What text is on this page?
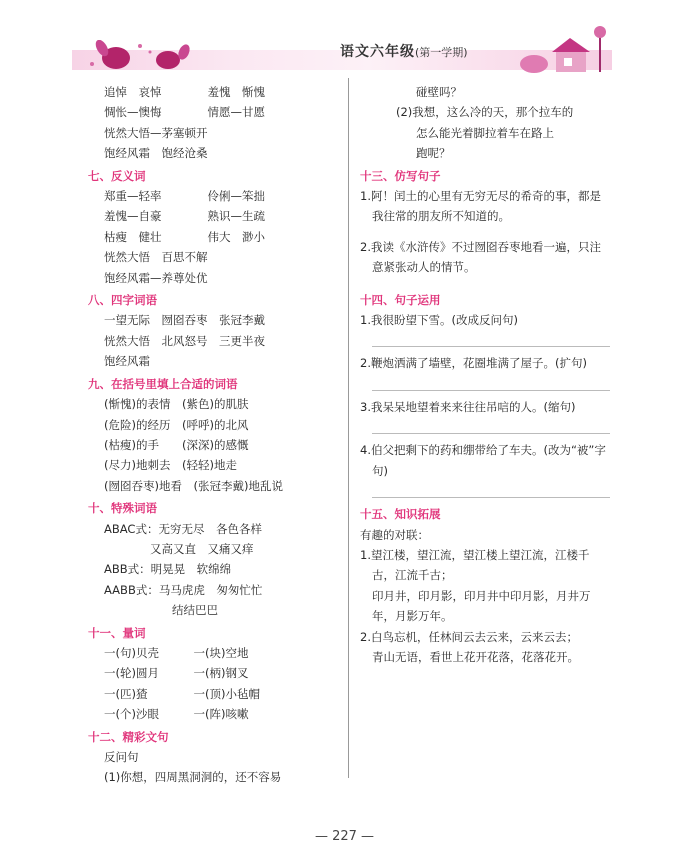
语文六年级(第一学期)
追悼　哀悼　　　　羞愧　惭愧
惆怅—懊悔　　　　情愿—甘愿
恍然大悟—茅塞顿开
饱经风霜　饱经沧桑
七、反义词
郑重—轻率　　　　伶俐—笨拙
羞愧—自豪　　　　熟识—生疏
枯瘦　健壮　　　　伟大　渺小
恍然大悟　百思不解
饱经风霜—养尊处优
八、四字词语
一望无际　囫囵吞枣　张冠李戴
恍然大悟　北风怒号　三更半夜
饱经风霜
九、在括号里填上合适的词语
(惭愧)的表情　(紫色)的肌肤
(危险)的经历　(呼呼)的北风
(枯瘦)的手　　(深深)的感慨
(尽力)地刺去　(轻轻)地走
(囫囵吞枣)地看　(张冠李戴)地乱说
十、特殊词语
ABAC式：无穷无尽　各色各样
又高又直　又痛又痒
ABB式：明晃晃　软绵绵
AABB式：马马虎虎　匆匆忙忙
结结巴巴
十一、量词
一(句)贝壳　　　一(块)空地
一(轮)圆月　　　一(柄)钢叉
一(匹)猹　　　　一(顶)小毡帽
一(个)沙眼　　　一(阵)咳嗽
十二、精彩文句
反问句
(1)你想，四周黑洞洞的，还不容易
碰壁吗？
(2)我想，这么冷的天，那个拉车的
怎么能光着脚拉着车在路上
跑呢？
十三、仿写句子
1.阿！闰土的心里有无穷无尽的希奇的事，都是我往常的朋友所不知道的。
2.我读《水浒传》不过囫囵吞枣地看一遍，只注意紧张动人的情节。
十四、句子运用
1.我很盼望下雪。(改成反问句)
2.鞭炮洒满了墙壁，花圈堆满了屋子。(扩句)
3.我呆呆地望着来来往往吊唁的人。(缩句)
4.伯父把剩下的药和绷带给了车夫。(改为“被”字句)
十五、知识拓展
有趣的对联：
1.望江楼，望江流，望江楼上望江流，江楼千古，江流千古；
印月井，印月影，印月井中印月影，月井万年，月影万年。
2.白鸟忘机，任林间云去云来，云来云去；
青山无语，看世上花开花落，花落花开。
— 227 —
